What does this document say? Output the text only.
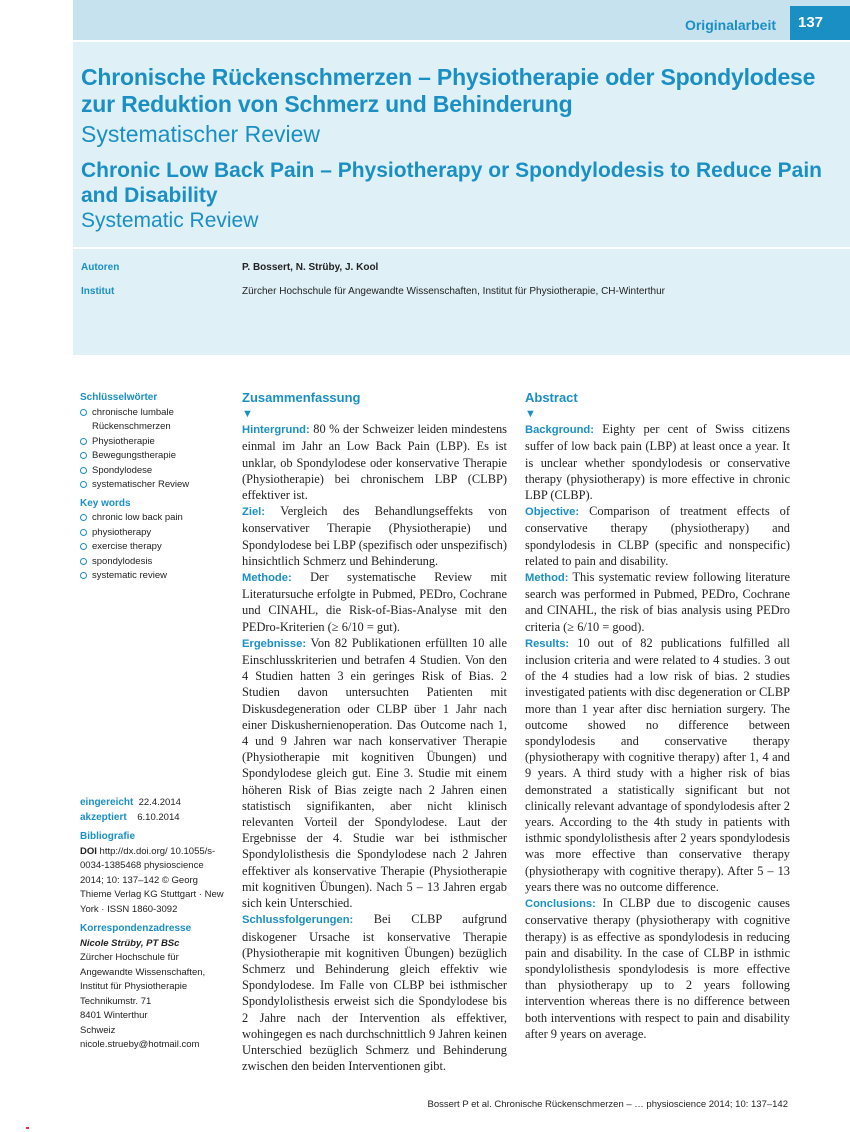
Originalarbeit	137
Chronische Rückenschmerzen – Physiotherapie oder Spondylodese zur Reduktion von Schmerz und Behinderung
Systematischer Review
Chronic Low Back Pain – Physiotherapy or Spondylodesis to Reduce Pain and Disability
Systematic Review
Autoren	P. Bossert, N. Strüby, J. Kool
Institut	Zürcher Hochschule für Angewandte Wissenschaften, Institut für Physiotherapie, CH-Winterthur
Schlüsselwörter
chronische lumbale Rückenschmerzen
Physiotherapie
Bewegungstherapie
Spondylodese
systematischer Review
Key words
chronic low back pain
physiotherapy
exercise therapy
spondylodesis
systematic review
eingereicht 22.4.2014
akzeptiert 6.10.2014
Bibliografie
DOI http://dx.doi.org/ 10.1055/s-0034-1385468 physioscience 2014; 10: 137–142 © Georg Thieme Verlag KG Stuttgart · New York · ISSN 1860-3092
Korrespondenzadresse
Nicole Strüby, PT BSc
Zürcher Hochschule für
Angewandte Wissenschaften,
Institut für Physiotherapie
Technikumstr. 71
8401 Winterthur
Schweiz
nicole.strueby@hotmail.com
Zusammenfassung
▼

Hintergrund: 80 % der Schweizer leiden mindestens einmal im Jahr an Low Back Pain (LBP). Es ist unklar, ob Spondylodese oder konservative Therapie (Physiotherapie) bei chronischem LBP (CLBP) effektiver ist.

Ziel: Vergleich des Behandlungseffekts von konservativer Therapie (Physiotherapie) und Spondylodese bei LBP (spezifisch oder unspezifisch) hinsichtlich Schmerz und Behinderung.

Methode: Der systematische Review mit Literatursuche erfolgte in Pubmed, PEDro, Cochrane und CINAHL, die Risk-of-Bias-Analyse mit den PEDro-Kriterien (≥ 6/10 = gut).

Ergebnisse: Von 82 Publikationen erfüllten 10 alle Einschlusskriterien und betrafen 4 Studien. Von den 4 Studien hatten 3 ein geringes Risk of Bias. 2 Studien davon untersuchten Patienten mit Diskusdegeneration oder CLBP über 1 Jahr nach einer Diskushernienoperation. Das Outcome nach 1, 4 und 9 Jahren war nach konservativer Therapie (Physiotherapie mit kognitiven Übungen) und Spondylodese gleich gut. Eine 3. Studie mit einem höheren Risk of Bias zeigte nach 2 Jahren einen statistisch signifikanten, aber nicht klinisch relevanten Vorteil der Spondylodese. Laut der Ergebnisse der 4. Studie war bei isthmischer Spondylolisthesis die Spondylodese nach 2 Jahren effektiver als konservative Therapie (Physiotherapie mit kognitiven Übungen). Nach 5 – 13 Jahren ergab sich kein Unterschied.

Schlussfolgerungen: Bei CLBP aufgrund diskogener Ursache ist konservative Therapie (Physiotherapie mit kognitiven Übungen) bezüglich Schmerz und Behinderung gleich effektiv wie Spondylodese. Im Falle von CLBP bei isthmischer Spondylolisthesis erweist sich die Spondylodese bis 2 Jahre nach der Intervention als effektiver, wohingegen es nach durchschnittlich 9 Jahren keinen Unterschied bezüglich Schmerz und Behinderung zwischen den beiden Interventionen gibt.

Abstract
▼

Background: Eighty per cent of Swiss citizens suffer of low back pain (LBP) at least once a year. It is unclear whether spondylodesis or conservative therapy (physiotherapy) is more effective in chronic LBP (CLBP).

Objective: Comparison of treatment effects of conservative therapy (physiotherapy) and spondylodesis in CLBP (specific and nonspecific) related to pain and disability.

Method: This systematic review following literature search was performed in Pubmed, PEDro, Cochrane and CINAHL, the risk of bias analysis using PEDro criteria (≥ 6/10 = good).

Results: 10 out of 82 publications fulfilled all inclusion criteria and were related to 4 studies. 3 out of the 4 studies had a low risk of bias. 2 studies investigated patients with disc degeneration or CLBP more than 1 year after disc herniation surgery. The outcome showed no difference between spondylodesis and conservative therapy (physiotherapy with cognitive therapy) after 1, 4 and 9 years. A third study with a higher risk of bias demonstrated a statistically significant but not clinically relevant advantage of spondylodesis after 2 years. According to the 4th study in patients with isthmic spondylolisthesis after 2 years spondylodesis was more effective than conservative therapy (physiotherapy with cognitive therapy). After 5 – 13 years there was no outcome difference.

Conclusions: In CLBP due to discogenic causes conservative therapy (physiotherapy with cognitive therapy) is as effective as spondylodesis in reducing pain and disability. In the case of CLBP in isthmic spondylolisthesis spondylodesis is more effective than physiotherapy up to 2 years following intervention whereas there is no difference between both interventions with respect to pain and disability after 9 years on average.

Bossert P et al. Chronische Rückenschmerzen – … physioscience 2014; 10: 137–142
